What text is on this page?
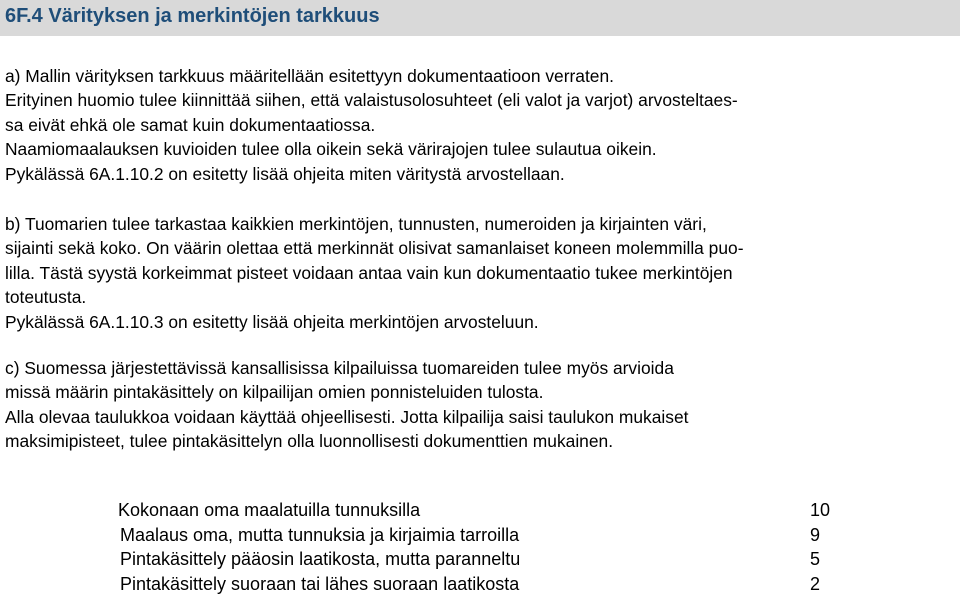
6F.4 Värityksen ja merkintöjen tarkkuus
a) Mallin värityksen tarkkuus määritellään esitettyyn dokumentaatioon verraten.
Erityinen huomio tulee kiinnittää siihen, että valaistusolosuhteet (eli valot ja varjot) arvosteltaes-
sa eivät ehkä ole samat kuin dokumentaatiossa.
Naamiomaalauksen kuvioiden tulee olla oikein sekä värirajojen tulee sulautua oikein.
Pykälässä 6A.1.10.2 on esitetty lisää ohjeita miten väritystä arvostellaan.
b) Tuomarien tulee tarkastaa kaikkien merkintöjen, tunnusten, numeroiden ja kirjainten väri,
sijainti sekä koko. On väärin olettaa että merkinnät olisivat samanlaiset koneen molemmilla puo-
lilla. Tästä syystä korkeimmat pisteet voidaan antaa vain kun dokumentaatio tukee merkintöjen
toteutusta.
Pykälässä 6A.1.10.3 on esitetty lisää ohjeita merkintöjen arvosteluun.
c) Suomessa järjestettävissä kansallisissa kilpailuissa tuomareiden tulee myös arvioida
missä määrin pintakäsittely on kilpailijan omien ponnisteluiden tulosta.
Alla olevaa taulukkoa voidaan käyttää ohjeellisesti. Jotta kilpailija saisi taulukon mukaiset
maksimipisteet, tulee pintakäsittelyn olla luonnollisesti dokumenttien mukainen.
Kokonaan oma maalatuilla tunnuksilla	10
Maalaus oma, mutta tunnuksia ja kirjaimia tarroilla	9
Pintakäsittely pääosin laatikosta, mutta paranneltu	5
Pintakäsittely suoraan tai lähes suoraan laatikosta	2
